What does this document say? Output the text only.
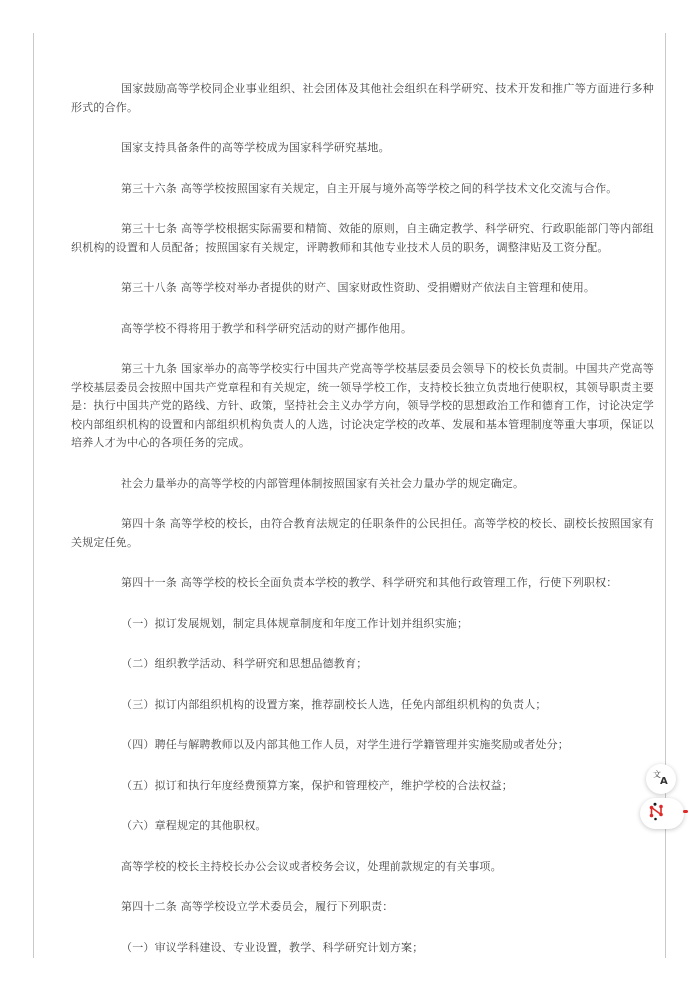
国家鼓励高等学校同企业事业组织、社会团体及其他社会组织在科学研究、技术开发和推广等方面进行多种形式的合作。

国家支持具备条件的高等学校成为国家科学研究基地。

第三十六条 高等学校按照国家有关规定，自主开展与境外高等学校之间的科学技术文化交流与合作。

第三十七条 高等学校根据实际需要和精简、效能的原则，自主确定教学、科学研究、行政职能部门等内部组织机构的设置和人员配备；按照国家有关规定，评聘教师和其他专业技术人员的职务，调整津贴及工资分配。

第三十八条 高等学校对举办者提供的财产、国家财政性资助、受捐赠财产依法自主管理和使用。

高等学校不得将用于教学和科学研究活动的财产挪作他用。

第三十九条 国家举办的高等学校实行中国共产党高等学校基层委员会领导下的校长负责制。中国共产党高等学校基层委员会按照中国共产党章程和有关规定，统一领导学校工作，支持校长独立负责地行使职权，其领导职责主要是：执行中国共产党的路线、方针、政策，坚持社会主义办学方向，领导学校的思想政治工作和德育工作，讨论决定学校内部组织机构的设置和内部组织机构负责人的人选，讨论决定学校的改革、发展和基本管理制度等重大事项，保证以培养人才为中心的各项任务的完成。

社会力量举办的高等学校的内部管理体制按照国家有关社会力量办学的规定确定。

第四十条 高等学校的校长，由符合教育法规定的任职条件的公民担任。高等学校的校长、副校长按照国家有关规定任免。

第四十一条 高等学校的校长全面负责本学校的教学、科学研究和其他行政管理工作，行使下列职权：

（一）拟订发展规划，制定具体规章制度和年度工作计划并组织实施；

（二）组织教学活动、科学研究和思想品德教育；

（三）拟订内部组织机构的设置方案，推荐副校长人选，任免内部组织机构的负责人；

（四）聘任与解聘教师以及内部其他工作人员，对学生进行学籍管理并实施奖励或者处分；

（五）拟订和执行年度经费预算方案，保护和管理校产，维护学校的合法权益；

（六）章程规定的其他职权。

高等学校的校长主持校长办公会议或者校务会议，处理前款规定的有关事项。

第四十二条 高等学校设立学术委员会，履行下列职责：

（一）审议学科建设、专业设置，教学、科学研究计划方案；

文
A
